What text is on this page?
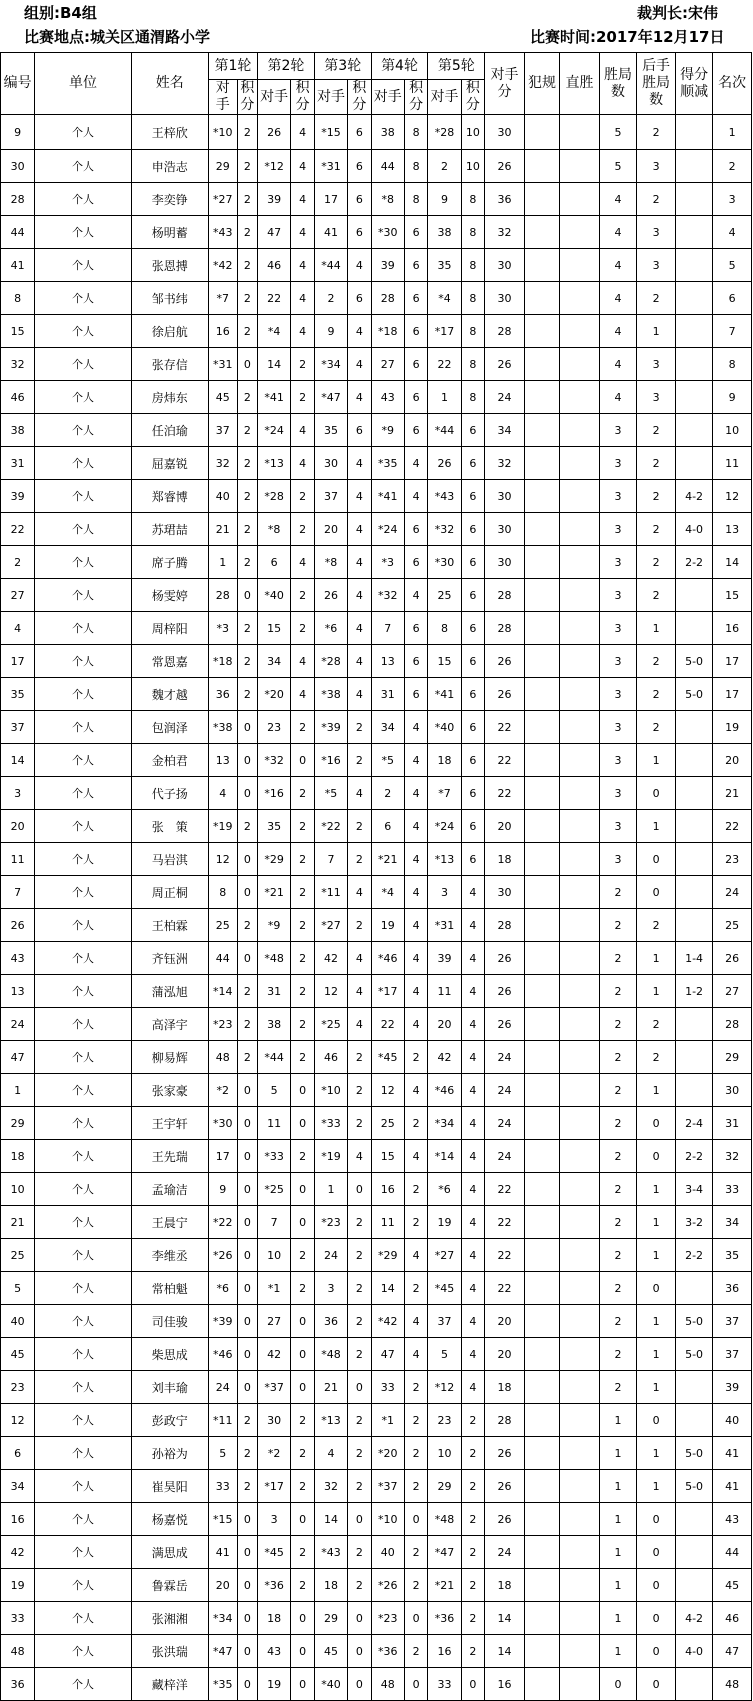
组别:B4组	裁判长:宋伟
比赛地点:城关区通渭路小学	比赛时间:2017年12月17日
编号	单位	姓名	第1轮		第2轮		第3轮		第4轮		第5轮		对手分	犯规	直胜	胜局数	后手胜局数	得分顺减	名次
			对手	积分	对手	积分	对手	积分	对手	积分	对手	积分							
9	个人	王梓欣	*10	2	26	4	*15	6	38	8	*28	10	30			5	2		1
30	个人	申浩志	29	2	*12	4	*31	6	44	8	2	10	26			5	3		2
28	个人	李奕铮	*27	2	39	4	17	6	*8	8	9	8	36			4	2		3
44	个人	杨明蓄	*43	2	47	4	41	6	*30	6	38	8	32			4	3		4
41	个人	张恩搏	*42	2	46	4	*44	4	39	6	35	8	30			4	3		5
8	个人	邹书纬	*7	2	22	4	2	6	28	6	*4	8	30			4	2		6
15	个人	徐启航	16	2	*4	4	9	4	*18	6	*17	8	28			4	1		7
32	个人	张存信	*31	0	14	2	*34	4	27	6	22	8	26			4	3		8
46	个人	房炜东	45	2	*41	2	*47	4	43	6	1	8	24			4	3		9
38	个人	任泊瑜	37	2	*24	4	35	6	*9	6	*44	6	34			3	2		10
31	个人	屈嘉锐	32	2	*13	4	30	4	*35	4	26	6	32			3	2		11
39	个人	郑睿博	40	2	*28	2	37	4	*41	4	*43	6	30			3	2	4-2	12
22	个人	苏珺喆	21	2	*8	2	20	4	*24	6	*32	6	30			3	2	4-0	13
2	个人	席子腾	1	2	6	4	*8	4	*3	6	*30	6	30			3	2	2-2	14
27	个人	杨雯婷	28	0	*40	2	26	4	*32	4	25	6	28			3	2		15
4	个人	周梓阳	*3	2	15	2	*6	4	7	6	8	6	28			3	1		16
17	个人	常恩嘉	*18	2	34	4	*28	4	13	6	15	6	26			3	2	5-0	17
35	个人	魏才越	36	2	*20	4	*38	4	31	6	*41	6	26			3	2	5-0	17
37	个人	包润泽	*38	0	23	2	*39	2	34	4	*40	6	22			3	2		19
14	个人	金柏君	13	0	*32	0	*16	2	*5	4	18	6	22			3	1		20
3	个人	代子扬	4	0	*16	2	*5	4	2	4	*7	6	22			3	0		21
20	个人	张　策	*19	2	35	2	*22	2	6	4	*24	6	20			3	1		22
11	个人	马岩淇	12	0	*29	2	7	2	*21	4	*13	6	18			3	0		23
7	个人	周正桐	8	0	*21	2	*11	4	*4	4	3	4	30			2	0		24
26	个人	王柏霖	25	2	*9	2	*27	2	19	4	*31	4	28			2	2		25
43	个人	齐钰洲	44	0	*48	2	42	4	*46	4	39	4	26			2	1	1-4	26
13	个人	蒲泓旭	*14	2	31	2	12	4	*17	4	11	4	26			2	1	1-2	27
24	个人	高泽宇	*23	2	38	2	*25	4	22	4	20	4	26			2	2		28
47	个人	柳易辉	48	2	*44	2	46	2	*45	2	42	4	24			2	2		29
1	个人	张家豪	*2	0	5	0	*10	2	12	4	*46	4	24			2	1		30
29	个人	王宇轩	*30	0	11	0	*33	2	25	2	*34	4	24			2	0	2-4	31
18	个人	王先瑞	17	0	*33	2	*19	4	15	4	*14	4	24			2	0	2-2	32
10	个人	孟瑜洁	9	0	*25	0	1	0	16	2	*6	4	22			2	1	3-4	33
21	个人	王晨宁	*22	0	7	0	*23	2	11	2	19	4	22			2	1	3-2	34
25	个人	李维丞	*26	0	10	2	24	2	*29	4	*27	4	22			2	1	2-2	35
5	个人	常柏魁	*6	0	*1	2	3	2	14	2	*45	4	22			2	0		36
40	个人	司佳骏	*39	0	27	0	36	2	*42	4	37	4	20			2	1	5-0	37
45	个人	柴思成	*46	0	42	0	*48	2	47	4	5	4	20			2	1	5-0	37
23	个人	刘丰瑜	24	0	*37	0	21	0	33	2	*12	4	18			2	1		39
12	个人	彭政宁	*11	2	30	2	*13	2	*1	2	23	2	28			1	0		40
6	个人	孙裕为	5	2	*2	2	4	2	*20	2	10	2	26			1	1	5-0	41
34	个人	崔昊阳	33	2	*17	2	32	2	*37	2	29	2	26			1	1	5-0	41
16	个人	杨嘉悦	*15	0	3	0	14	0	*10	0	*48	2	26			1	0		43
42	个人	满思成	41	0	*45	2	*43	2	40	2	*47	2	24			1	0		44
19	个人	鲁霖岳	20	0	*36	2	18	2	*26	2	*21	2	18			1	0		45
33	个人	张湘湘	*34	0	18	0	29	0	*23	0	*36	2	14			1	0	4-2	46
48	个人	张洪瑞	*47	0	43	0	45	0	*36	2	16	2	14			1	0	4-0	47
36	个人	藏梓洋	*35	0	19	0	*40	0	48	0	33	0	16			0	0		48
